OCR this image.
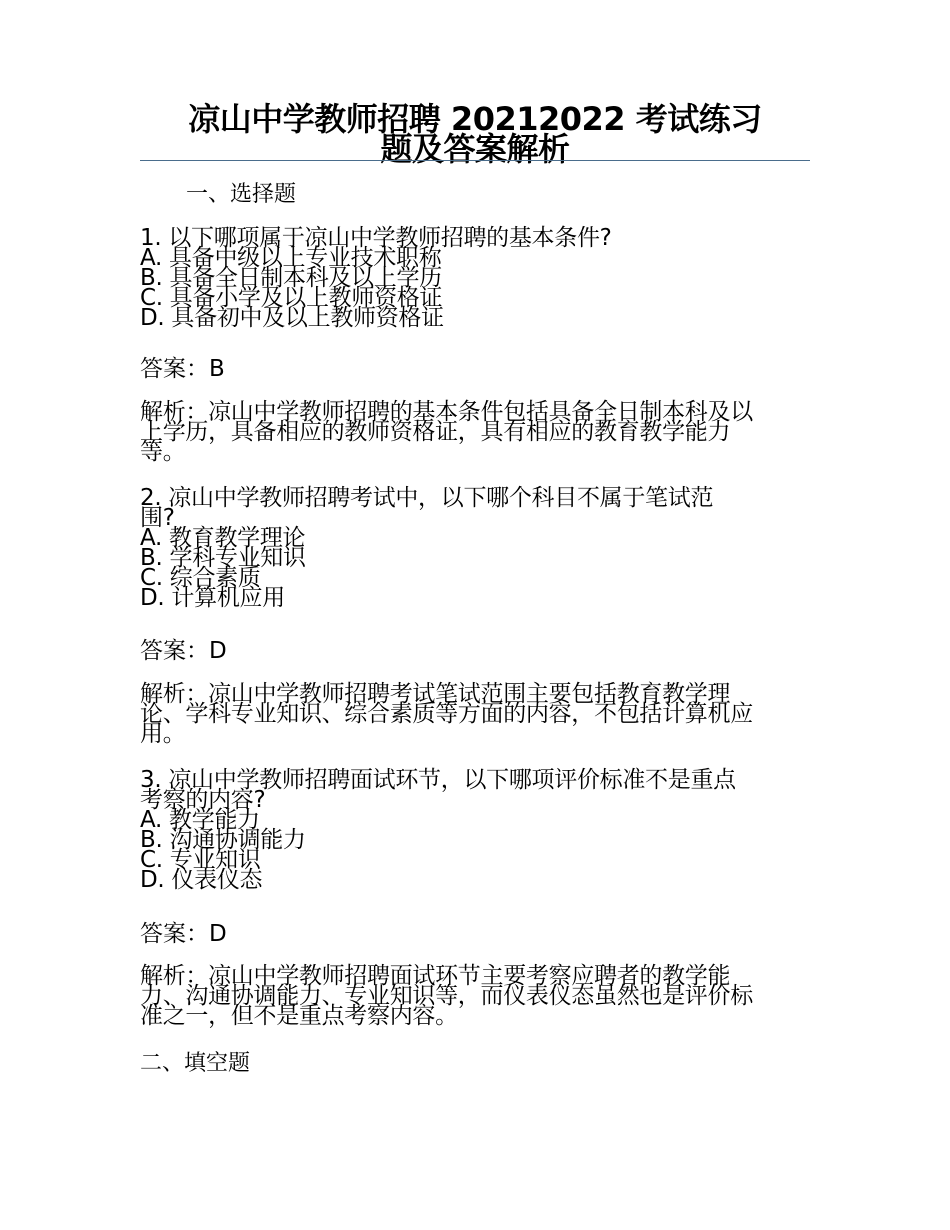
凉山中学教师招聘 20212022 考试练习
题及答案解析
一、选择题
1. 以下哪项属于凉山中学教师招聘的基本条件?
A. 具备中级以上专业技术职称
B. 具备全日制本科及以上学历
C. 具备小学及以上教师资格证
D. 具备初中及以上教师资格证
答案：B
解析：凉山中学教师招聘的基本条件包括具备全日制本科及以
上学历，具备相应的教师资格证，具有相应的教育教学能力
等。
2. 凉山中学教师招聘考试中，以下哪个科目不属于笔试范
围?
A. 教育教学理论
B. 学科专业知识
C. 综合素质
D. 计算机应用
答案：D
解析：凉山中学教师招聘考试笔试范围主要包括教育教学理
论、学科专业知识、综合素质等方面的内容，不包括计算机应
用。
3. 凉山中学教师招聘面试环节，以下哪项评价标准不是重点
考察的内容?
A. 教学能力
B. 沟通协调能力
C. 专业知识
D. 仪表仪态
答案：D
解析：凉山中学教师招聘面试环节主要考察应聘者的教学能
力、沟通协调能力、专业知识等，而仪表仪态虽然也是评价标
准之一，但不是重点考察内容。
二、填空题
